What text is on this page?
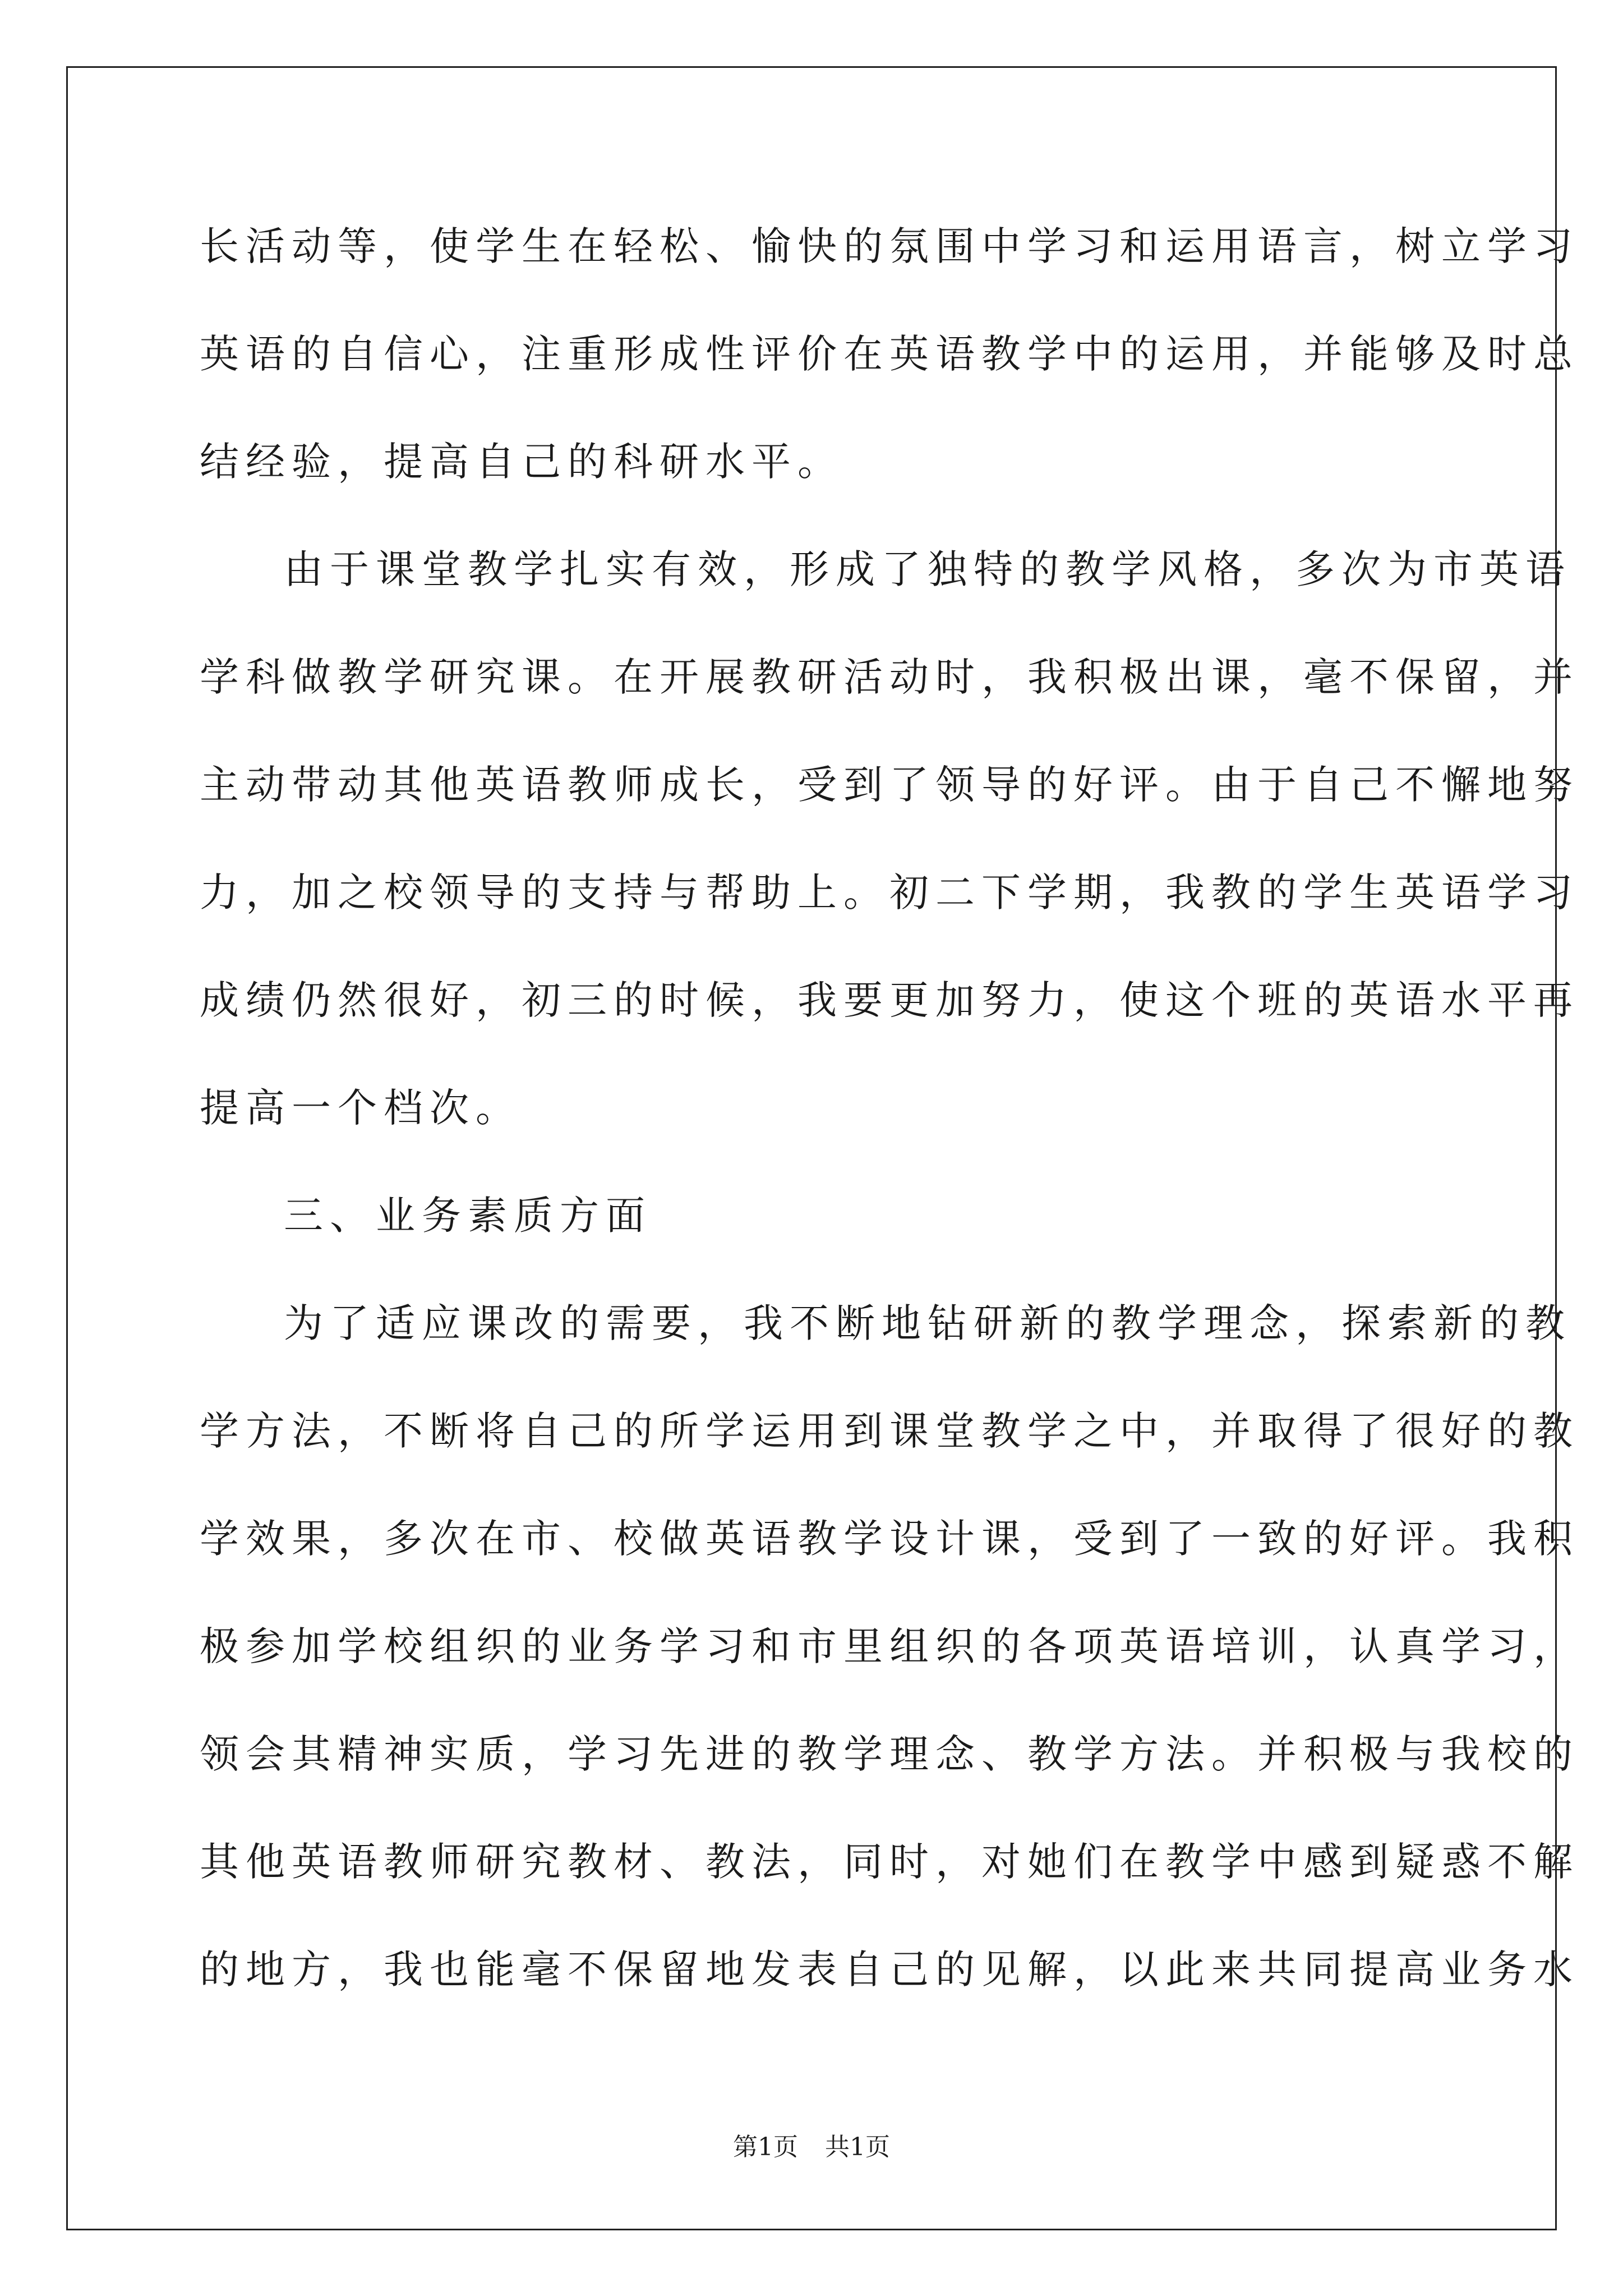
长活动等，使学生在轻松、愉快的氛围中学习和运用语言，树立学习
英语的自信心，注重形成性评价在英语教学中的运用，并能够及时总
结经验，提高自己的科研水平。
由于课堂教学扎实有效，形成了独特的教学风格，多次为市英语
学科做教学研究课。在开展教研活动时，我积极出课，毫不保留，并
主动带动其他英语教师成长，受到了领导的好评。由于自己不懈地努
力，加之校领导的支持与帮助上。初二下学期，我教的学生英语学习
成绩仍然很好，初三的时候，我要更加努力，使这个班的英语水平再
提高一个档次。
三、业务素质方面
为了适应课改的需要，我不断地钻研新的教学理念，探索新的教
学方法，不断将自己的所学运用到课堂教学之中，并取得了很好的教
学效果，多次在市、校做英语教学设计课，受到了一致的好评。我积
极参加学校组织的业务学习和市里组织的各项英语培训，认真学习，
领会其精神实质，学习先进的教学理念、教学方法。并积极与我校的
其他英语教师研究教材、教法，同时，对她们在教学中感到疑惑不解
的地方，我也能毫不保留地发表自己的见解，以此来共同提高业务水
第1页 共1页
